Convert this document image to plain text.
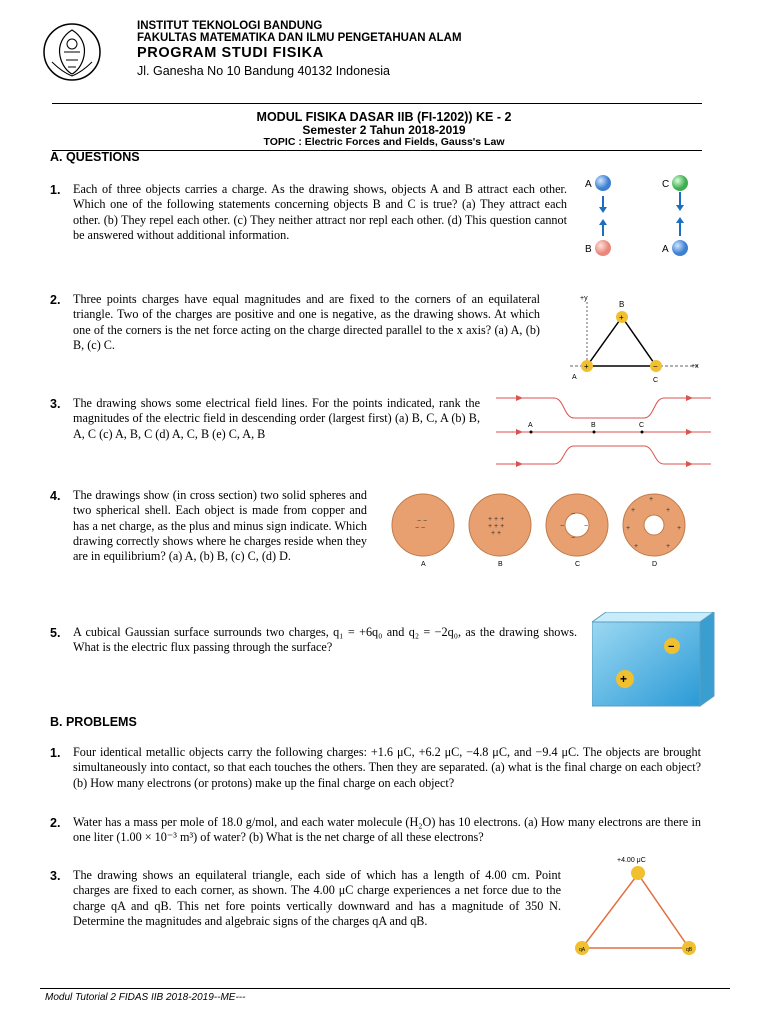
INSTITUT TEKNOLOGI BANDUNG
FAKULTAS MATEMATIKA DAN ILMU PENGETAHUAN ALAM
PROGRAM STUDI FISIKA
Jl. Ganesha No 10 Bandung 40132 Indonesia
MODUL FISIKA DASAR IIB (FI-1202)) KE - 2
Semester 2 Tahun 2018-2019
TOPIC : Electric Forces and Fields, Gauss's Law
A. QUESTIONS
1. Each of three objects carries a charge. As the drawing shows, objects A and B attract each other. Which one of the following statements concerning objects B and C is true? (a) They attract each other. (b) They repel each other. (c) They neither attract nor repl each other. (d) This question cannot be answered without additional information.
2. Three points charges have equal magnitudes and are fixed to the corners of an equilateral triangle. Two of the charges are positive and one is negative, as the drawing shows. At which one of the corners is the net force acting on the charge directed parallel to the x axis? (a) A, (b) B, (c) C.
3. The drawing shows some electrical field lines. For the points indicated, rank the magnitudes of the electric field in descending order (largest first) (a) B, C, A (b) B, A, C (c) A, B, C (d) A, C, B (e) C, A, B
4. The drawings show (in cross section) two solid spheres and two spherical shell. Each object is made from copper and has a net charge, as the plus and minus sign indicate. Which drawing correctly shows where he charges reside when they are in equilibrium? (a) A, (b) B, (c) C, (d) D.
5. A cubical Gaussian surface surrounds two charges, q₁ = +6q₀ and q₂ = −2q₀, as the drawing shows. What is the electric flux passing through the surface?
A
B
C
A
+y
+x
+
B
+
A
−
C
A	B	C
− −
− −
+ + +
+ + +
+ +
−
−
−	−
+
+	+
+	+
+	+
A	B	C	D
−
+
B. PROBLEMS
1. Four identical metallic objects carry the following charges: +1.6 μC, +6.2 μC, −4.8 μC, and −9.4 μC. The objects are brought simultaneously into contact, so that each touches the others. Then they are separated. (a) what is the final charge on each object? (b) How many electrons (or protons) make up the final charge on each object?
2. Water has a mass per mole of 18.0 g/mol, and each water molecule (H₂O) has 10 electrons. (a) How many electrons are there in one liter (1.00 × 10⁻³ m³) of water? (b) What is the net charge of all these electrons?
3. The drawing shows an equilateral triangle, each side of which has a length of 4.00 cm. Point charges are fixed to each corner, as shown. The 4.00 μC charge experiences a net force due to the charge qA and qB. This net fore points vertically downward and has a magnitude of 350 N. Determine the magnitudes and algebraic signs of the charges qA and qB.
+4.00 μC
qA	qB
Modul Tutorial 2 FIDAS IIB 2018-2019--ME---
